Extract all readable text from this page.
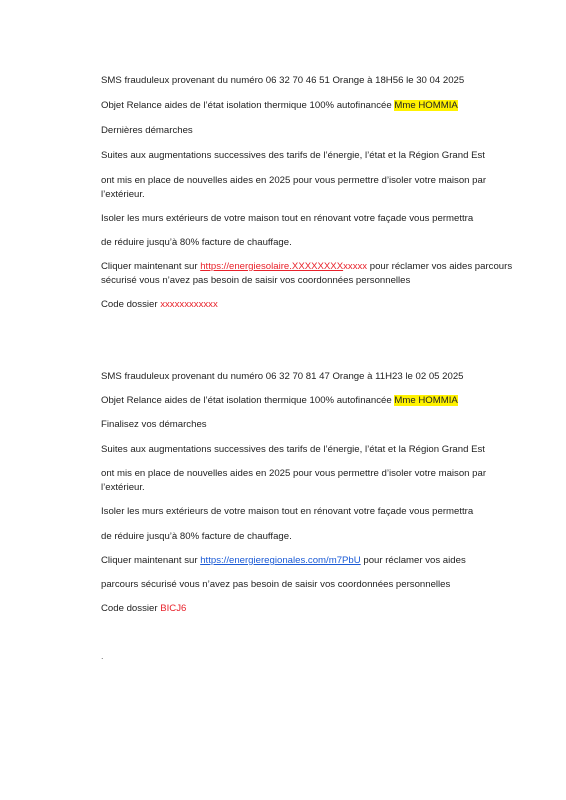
SMS frauduleux provenant du numéro 06 32 70 46 51 Orange à 18H56 le 30 04 2025

Objet Relance aides de l’état isolation thermique 100% autofinancée Mme HOMMIA

Dernières démarches

Suites aux augmentations successives des tarifs de l’énergie, l’état et la Région Grand Est

ont mis en place de nouvelles aides en 2025 pour vous permettre d’isoler votre maison par

l’extérieur.

Isoler les murs extérieurs de votre maison tout en rénovant votre façade vous permettra

de réduire jusqu’à 80% facture de chauffage.

Cliquer maintenant sur https://energiesolaire.XXXXXXXXxxxxx pour réclamer vos aides parcours

sécurisé vous n’avez pas besoin de saisir vos coordonnées personnelles

Code dossier xxxxxxxxxxxx

SMS frauduleux provenant du numéro 06 32 70 81 47 Orange à 11H23 le 02 05 2025

Objet Relance aides de l’état isolation thermique 100% autofinancée Mme HOMMIA

Finalisez vos démarches

Suites aux augmentations successives des tarifs de l’énergie, l’état et la Région Grand Est

ont mis en place de nouvelles aides en 2025 pour vous permettre d’isoler votre maison par

l’extérieur.

Isoler les murs extérieurs de votre maison tout en rénovant votre façade vous permettra

de réduire jusqu’à 80% facture de chauffage.

Cliquer maintenant sur https://energieregionales.com/m7PbU pour réclamer vos aides

parcours sécurisé vous n’avez pas besoin de saisir vos coordonnées personnelles

Code dossier BICJ6

.
